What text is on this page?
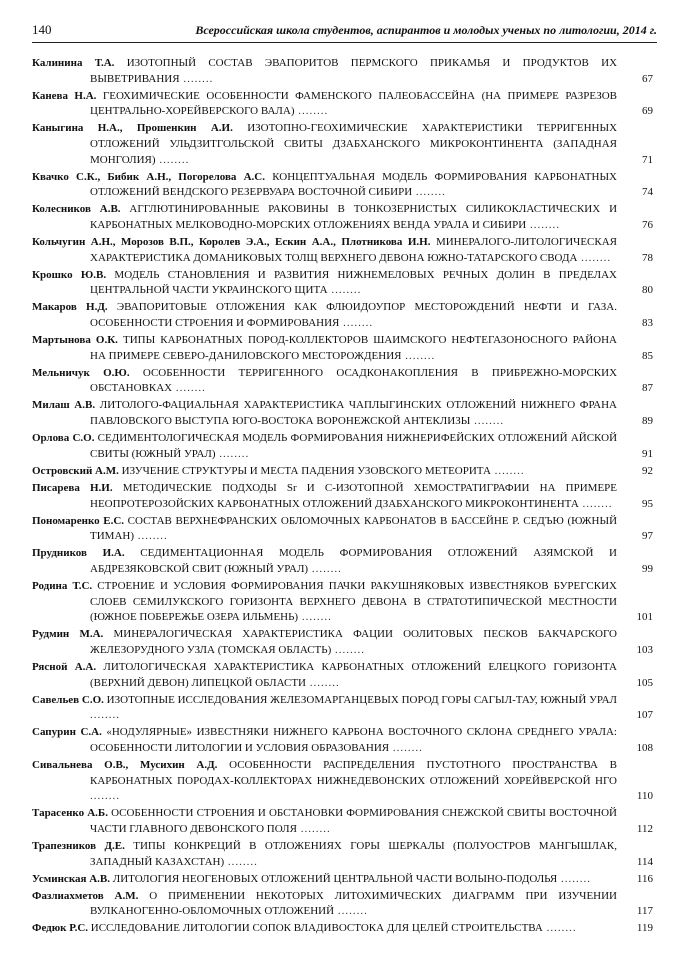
140	Всероссийская школа студентов, аспирантов и молодых ученых по литологии, 2014 г.
Калинина Т.А. ИЗОТОПНЫЙ СОСТАВ ЭВАПОРИТОВ ПЕРМСКОГО ПРИКАМЬЯ И ПРОДУКТОВ ИХ ВЫВЕТРИВАНИЯ ........	67
Канева Н.А. ГЕОХИМИЧЕСКИЕ ОСОБЕННОСТИ ФАМЕНСКОГО ПАЛЕОБАССЕЙНА (НА ПРИМЕРЕ РАЗРЕЗОВ ЦЕНТРАЛЬНО-ХОРЕЙВЕРСКОГО ВАЛА) ........	69
Каныгина Н.А., Прошенкин А.И. ИЗОТОПНО-ГЕОХИМИЧЕСКИЕ ХАРАКТЕРИСТИКИ ТЕРРИГЕННЫХ ОТЛОЖЕНИЙ УЛЬДЗИТГОЛЬСКОЙ СВИТЫ ДЗАБХАНСКОГО МИКРОКОНТИНЕНТА (ЗАПАДНАЯ МОНГОЛИЯ) ........	71
Квачко С.К., Бибик А.Н., Погорелова А.С. КОНЦЕПТУАЛЬНАЯ МОДЕЛЬ ФОРМИРОВАНИЯ КАРБОНАТНЫХ ОТЛОЖЕНИЙ ВЕНДСКОГО РЕЗЕРВУАРА ВОСТОЧНОЙ СИБИРИ ........	74
Колесников А.В. АГГЛЮТИНИРОВАННЫЕ РАКОВИНЫ В ТОНКОЗЕРНИСТЫХ СИЛИКОКЛАСТИЧЕСКИХ И КАРБОНАТНЫХ МЕЛКОВОДНО-МОРСКИХ ОТЛОЖЕНИЯХ ВЕНДА УРАЛА И СИБИРИ ........	76
Кольчугин А.Н., Морозов В.П., Королев Э.А., Ескин А.А., Плотникова И.Н. МИНЕРАЛОГО-ЛИТОЛОГИЧЕСКАЯ ХАРАКТЕРИСТИКА ДОМАНИКОВЫХ ТОЛЩ ВЕРХНЕГО ДЕВОНА ЮЖНО-ТАТАРСКОГО СВОДА ........	78
Крошко Ю.В. МОДЕЛЬ СТАНОВЛЕНИЯ И РАЗВИТИЯ НИЖНЕМЕЛОВЫХ РЕЧНЫХ ДОЛИН В ПРЕДЕЛАХ ЦЕНТРАЛЬНОЙ ЧАСТИ УКРАИНСКОГО ЩИТА ........	80
Макаров Н.Д. ЭВАПОРИТОВЫЕ ОТЛОЖЕНИЯ КАК ФЛЮИДОУПОР МЕСТОРОЖДЕНИЙ НЕФТИ И ГАЗА. ОСОБЕННОСТИ СТРОЕНИЯ И ФОРМИРОВАНИЯ ........	83
Мартынова О.К. ТИПЫ КАРБОНАТНЫХ ПОРОД-КОЛЛЕКТОРОВ ШАИМСКОГО НЕФТЕГАЗОНОСНОГО РАЙОНА НА ПРИМЕРЕ СЕВЕРО-ДАНИЛОВСКОГО МЕСТОРОЖДЕНИЯ ........	85
Мельничук О.Ю. ОСОБЕННОСТИ ТЕРРИГЕННОГО ОСАДКОНАКОПЛЕНИЯ В ПРИБРЕЖНО-МОРСКИХ ОБСТАНОВКАХ ........	87
Милаш А.В. ЛИТОЛОГО-ФАЦИАЛЬНАЯ ХАРАКТЕРИСТИКА ЧАПЛЫГИНСКИХ ОТЛОЖЕНИЙ НИЖНЕГО ФРАНА ПАВЛОВСКОГО ВЫСТУПА ЮГО-ВОСТОКА ВОРОНЕЖСКОЙ АНТЕКЛИЗЫ ........	89
Орлова С.О. СЕДИМЕНТОЛОГИЧЕСКАЯ МОДЕЛЬ ФОРМИРОВАНИЯ НИЖНЕРИФЕЙСКИХ ОТЛОЖЕНИЙ АЙСКОЙ СВИТЫ (ЮЖНЫЙ УРАЛ) ........	91
Островский А.М. ИЗУЧЕНИЕ СТРУКТУРЫ И МЕСТА ПАДЕНИЯ УЗОВСКОГО МЕТЕОРИТА ........	92
Писарева Н.И. МЕТОДИЧЕСКИЕ ПОДХОДЫ Sr И С-ИЗОТОПНОЙ ХЕМОСТРАТИГРАФИИ НА ПРИМЕРЕ НЕОПРОТЕРОЗОЙСКИХ КАРБОНАТНЫХ ОТЛОЖЕНИЙ ДЗАБХАНСКОГО МИКРОКОНТИНЕНТА ........	95
Пономаренко Е.С. СОСТАВ ВЕРХНЕФРАНСКИХ ОБЛОМОЧНЫХ КАРБОНАТОВ В БАССЕЙНЕ Р. СЕДЪЮ (ЮЖНЫЙ ТИМАН) ........	97
Прудников И.А. СЕДИМЕНТАЦИОННАЯ МОДЕЛЬ ФОРМИРОВАНИЯ ОТЛОЖЕНИЙ АЗЯМСКОЙ И АБДРЕЗЯКОВСКОЙ СВИТ (ЮЖНЫЙ УРАЛ) ........	99
Родина Т.С. СТРОЕНИЕ И УСЛОВИЯ ФОРМИРОВАНИЯ ПАЧКИ РАКУШНЯКОВЫХ ИЗВЕСТНЯКОВ БУРЕГСКИХ СЛОЕВ СЕМИЛУКСКОГО ГОРИЗОНТА ВЕРХНЕГО ДЕВОНА В СТРАТОТИПИЧЕСКОЙ МЕСТНОСТИ (ЮЖНОЕ ПОБЕРЕЖЬЕ ОЗЕРА ИЛЬМЕНЬ) ........	101
Рудмин М.А. МИНЕРАЛОГИЧЕСКАЯ ХАРАКТЕРИСТИКА ФАЦИИ ООЛИТОВЫХ ПЕСКОВ БАКЧАРСКОГО ЖЕЛЕЗОРУДНОГО УЗЛА (ТОМСКАЯ ОБЛАСТЬ) ........	103
Рясной А.А. ЛИТОЛОГИЧЕСКАЯ ХАРАКТЕРИСТИКА КАРБОНАТНЫХ ОТЛОЖЕНИЙ ЕЛЕЦКОГО ГОРИЗОНТА (ВЕРХНИЙ ДЕВОН) ЛИПЕЦКОЙ ОБЛАСТИ ........	105
Савельев С.О. ИЗОТОПНЫЕ ИССЛЕДОВАНИЯ ЖЕЛЕЗОМАРГАНЦЕВЫХ ПОРОД ГОРЫ САГЫЛ-ТАУ, ЮЖНЫЙ УРАЛ ........	107
Сапурин С.А. «НОДУЛЯРНЫЕ» ИЗВЕСТНЯКИ НИЖНЕГО КАРБОНА ВОСТОЧНОГО СКЛОНА СРЕДНЕГО УРАЛА: ОСОБЕННОСТИ ЛИТОЛОГИИ И УСЛОВИЯ ОБРАЗОВАНИЯ ........	108
Сивальнева О.В., Мусихин А.Д. ОСОБЕННОСТИ РАСПРЕДЕЛЕНИЯ ПУСТОТНОГО ПРОСТРАНСТВА В КАРБОНАТНЫХ ПОРОДАХ-КОЛЛЕКТОРАХ НИЖНЕДЕВОНСКИХ ОТЛОЖЕНИЙ ХОРЕЙВЕРСКОЙ НГО ........	110
Тарасенко А.Б. ОСОБЕННОСТИ СТРОЕНИЯ И ОБСТАНОВКИ ФОРМИРОВАНИЯ СНЕЖСКОЙ СВИТЫ ВОСТОЧНОЙ ЧАСТИ ГЛАВНОГО ДЕВОНСКОГО ПОЛЯ ........	112
Трапезников Д.Е. ТИПЫ КОНКРЕЦИЙ В ОТЛОЖЕНИЯХ ГОРЫ ШЕРКАЛЫ (ПОЛУОСТРОВ МАНГЫШЛАК, ЗАПАДНЫЙ КАЗАХСТАН) ........	114
Усминская А.В. ЛИТОЛОГИЯ НЕОГЕНОВЫХ ОТЛОЖЕНИЙ ЦЕНТРАЛЬНОЙ ЧАСТИ ВОЛЫНО-ПОДОЛЬЯ ........	116
Фазлиахметов А.М. О ПРИМЕНЕНИИ НЕКОТОРЫХ ЛИТОХИМИЧЕСКИХ ДИАГРАММ ПРИ ИЗУЧЕНИИ ВУЛКАНОГЕННО-ОБЛОМОЧНЫХ ОТЛОЖЕНИЙ ........	117
Федюк Р.С. ИССЛЕДОВАНИЕ ЛИТОЛОГИИ СОПОК ВЛАДИВОСТОКА ДЛЯ ЦЕЛЕЙ СТРОИТЕЛЬСТВА ........	119
